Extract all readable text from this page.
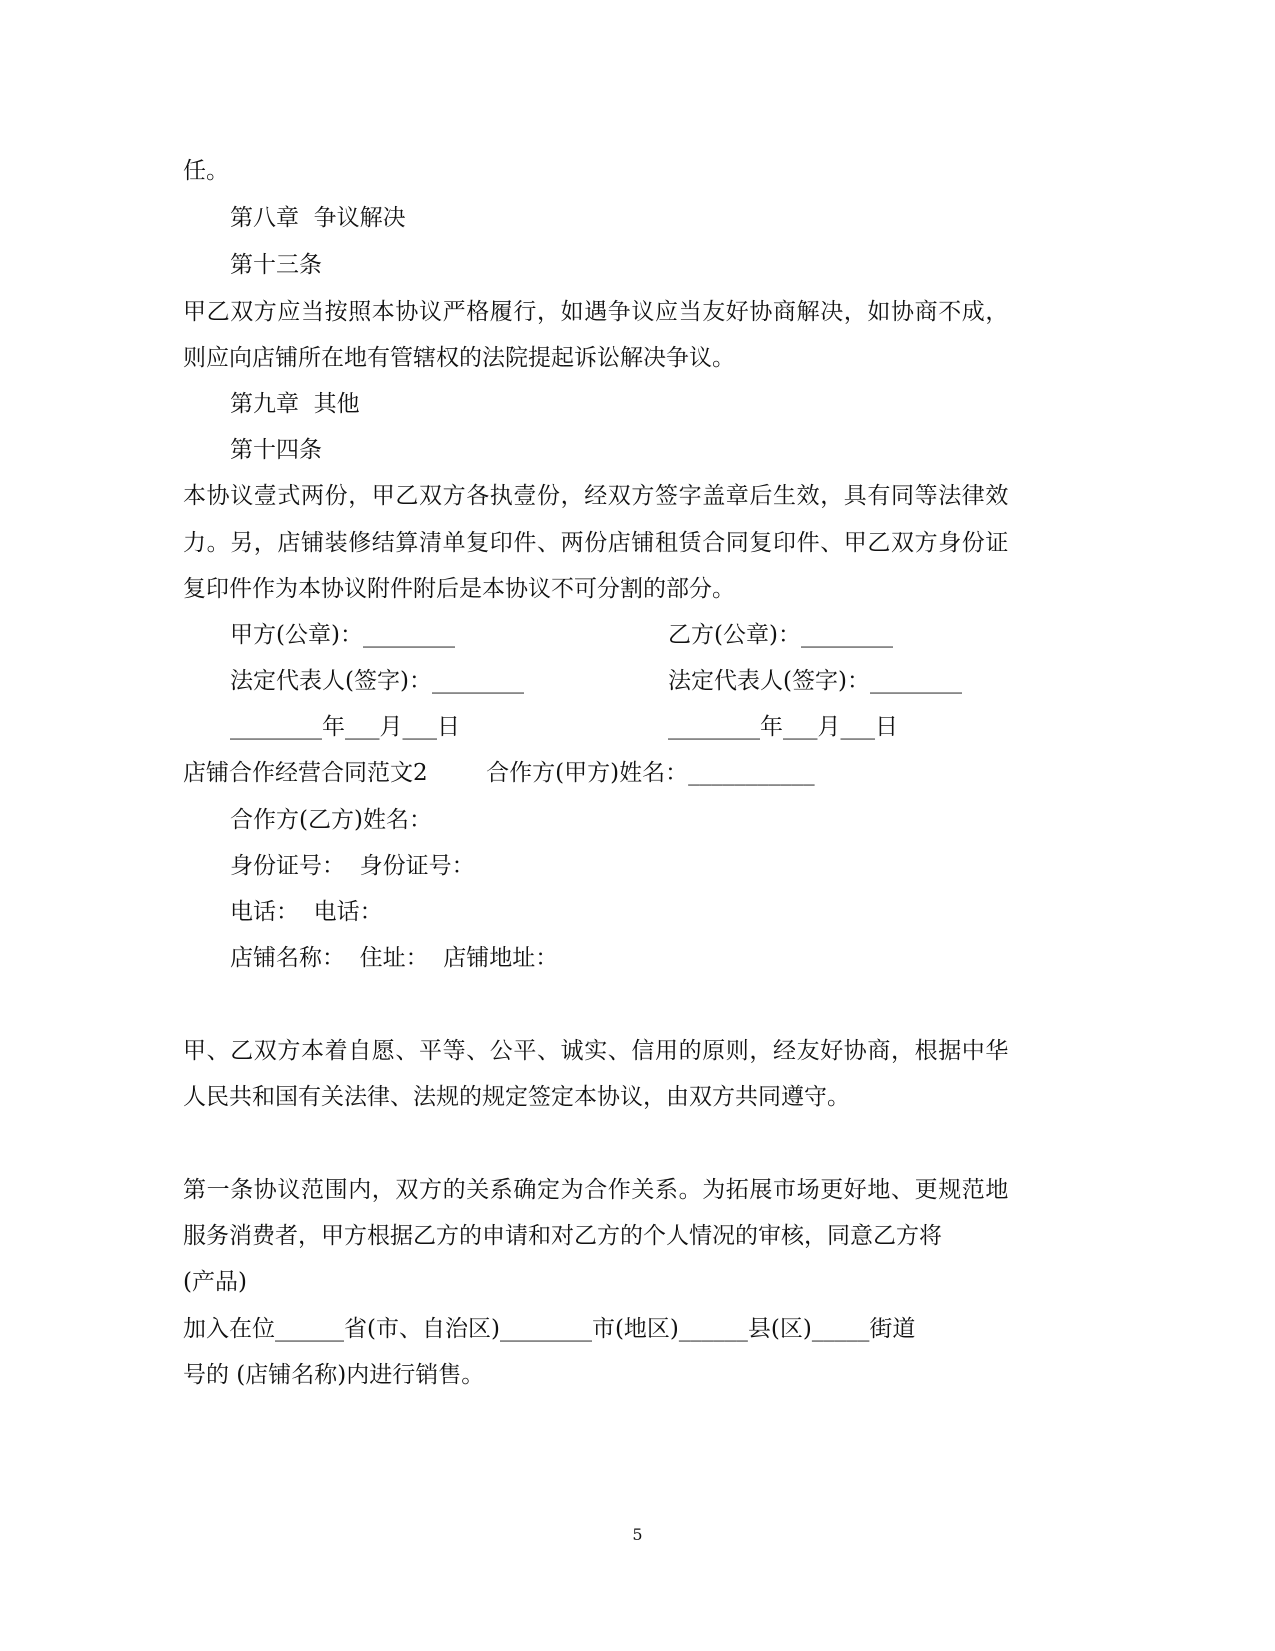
任。

第八章  争议解决

第十三条

甲乙双方应当按照本协议严格履行，如遇争议应当友好协商解决，如协商不成，

则应向店铺所在地有管辖权的法院提起诉讼解决争议。

第九章  其他

第十四条

本协议壹式两份，甲乙双方各执壹份，经双方签字盖章后生效，具有同等法律效

力。另，店铺装修结算清单复印件、两份店铺租赁合同复印件、甲乙双方身份证

复印件作为本协议附件附后是本协议不可分割的部分。

甲方(公章)：________	乙方(公章)：________

法定代表人(签字)：________	法定代表人(签字)：________

________年___月___日	________年___月___日

店铺合作经营合同范文2        合作方(甲方)姓名：___________

合作方(乙方)姓名：

身份证号：  身份证号：

电话：  电话：

店铺名称：  住址：  店铺地址：

甲、乙双方本着自愿、平等、公平、诚实、信用的原则，经友好协商，根据中华

人民共和国有关法律、法规的规定签定本协议，由双方共同遵守。

第一条协议范围内，双方的关系确定为合作关系。为拓展市场更好地、更规范地

服务消费者，甲方根据乙方的申请和对乙方的个人情况的审核，同意乙方将

(产品)

加入在位______省(市、自治区)________市(地区)______县(区)_____街道

号的 (店铺名称)内进行销售。

5
